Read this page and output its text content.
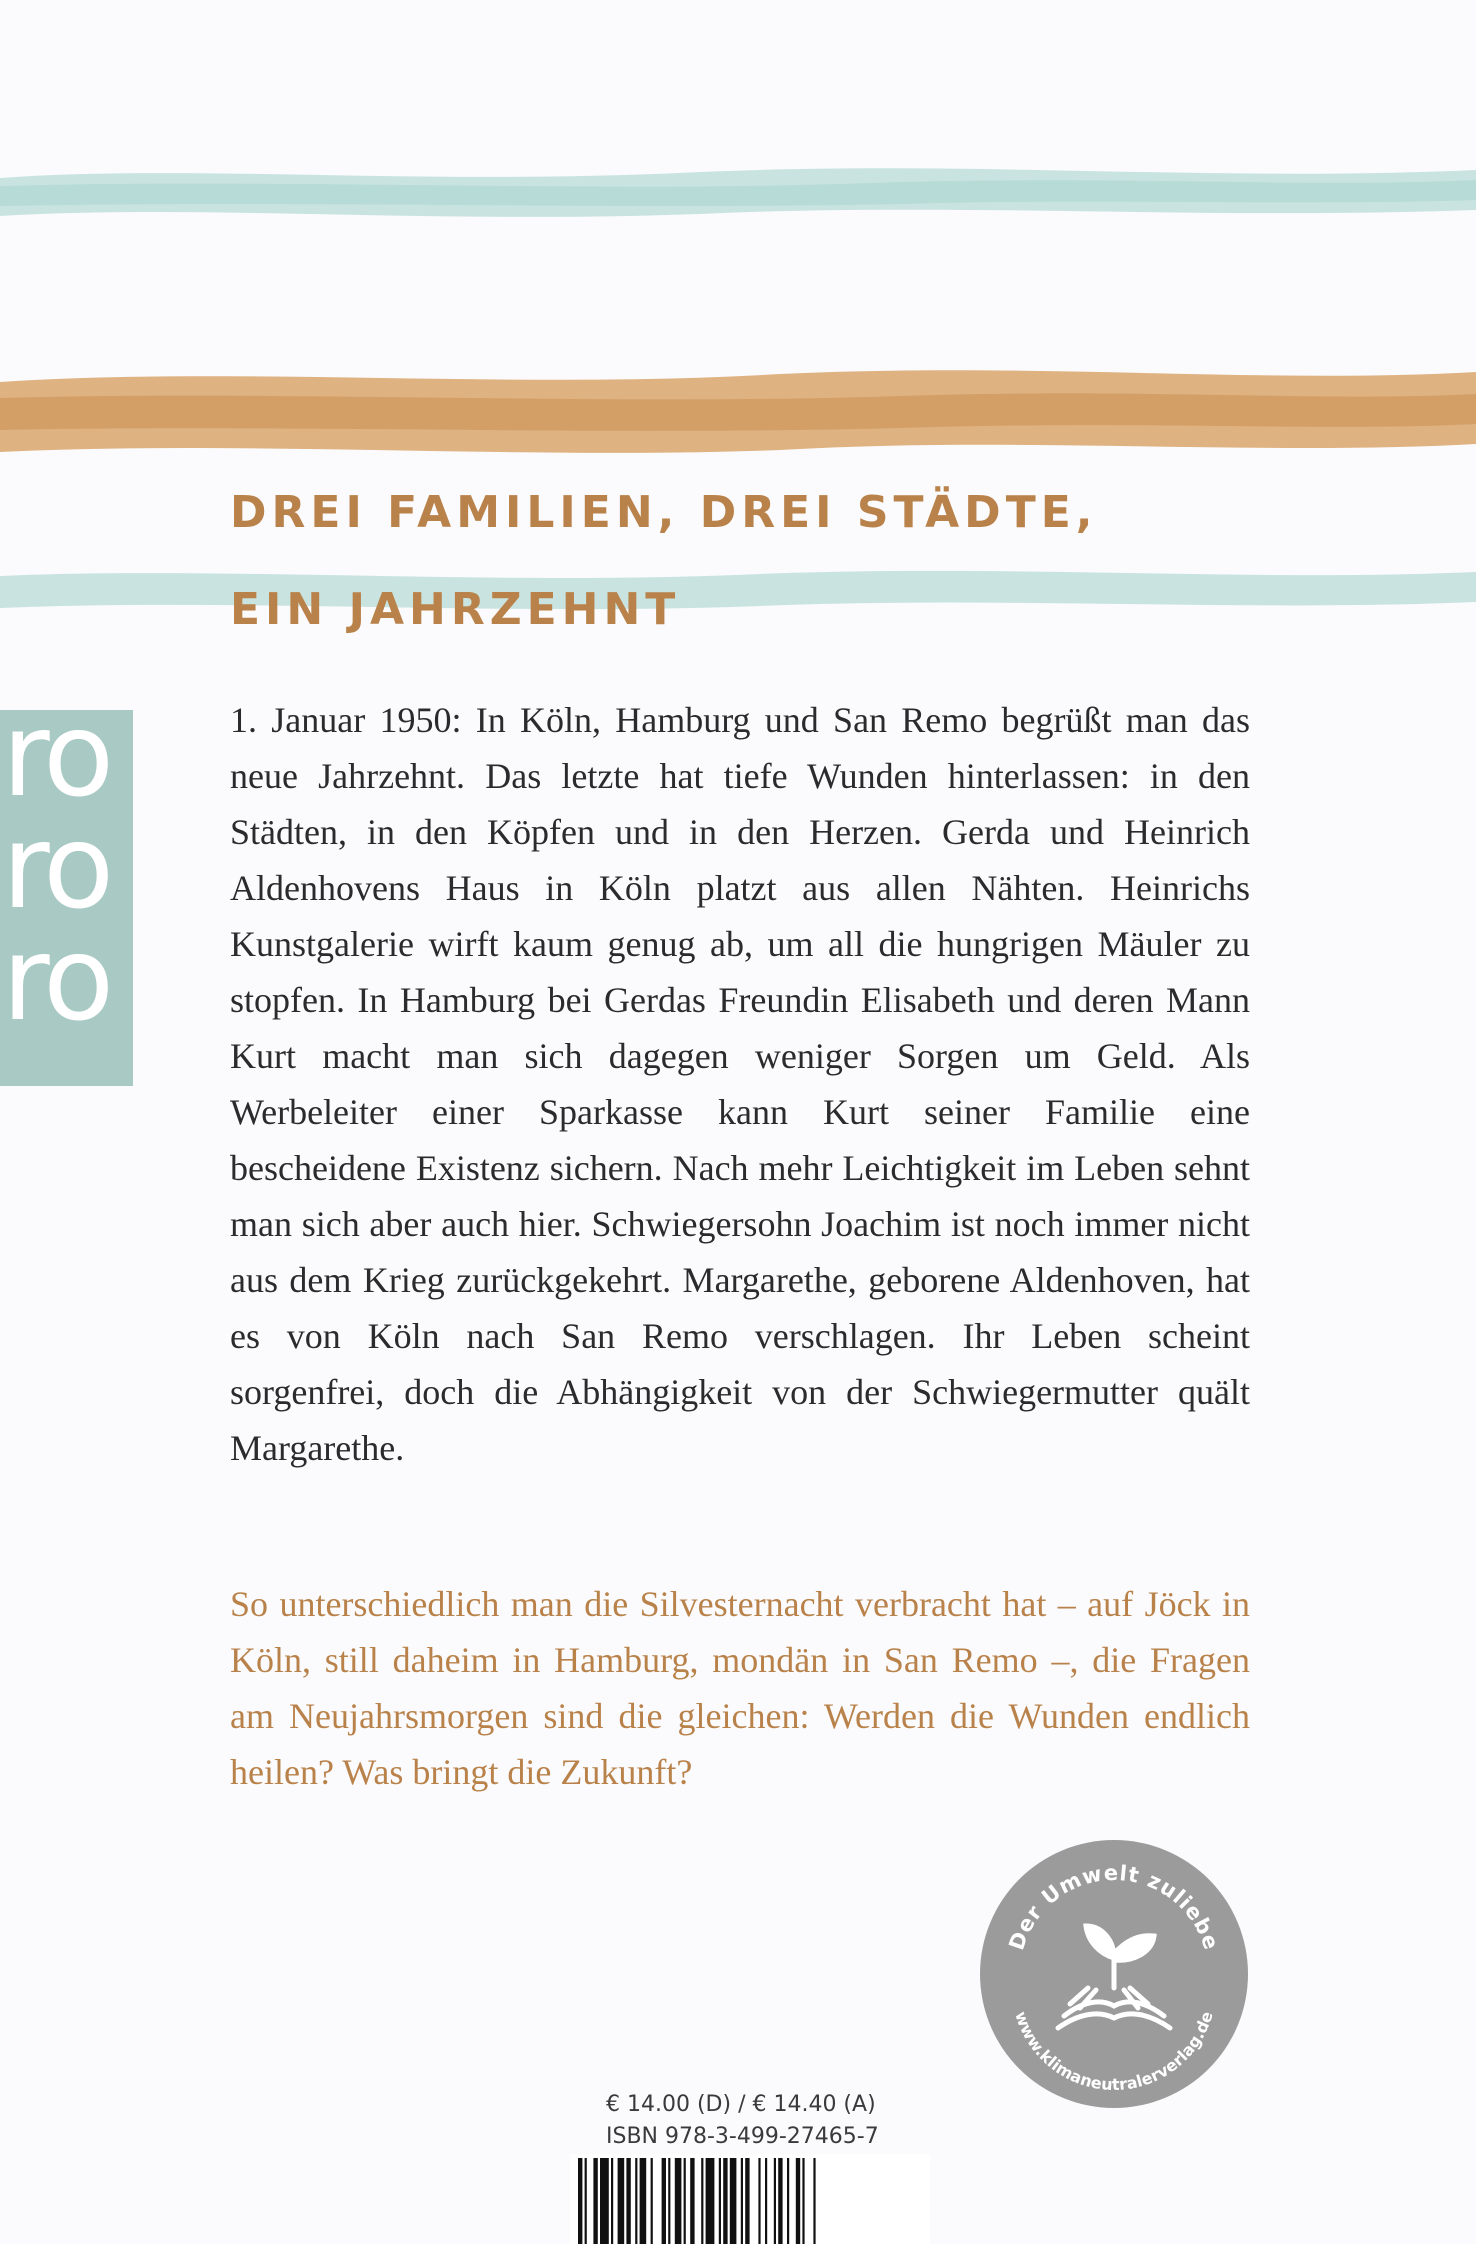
DREI FAMILIEN, DREI STÄDTE,
EIN JAHRZEHNT
ro
ro
ro

1. Januar 1950: In Köln, Hamburg und San Remo begrüßt man das neue Jahrzehnt. Das letzte hat tiefe Wunden hinterlassen: in den Städten, in den Köpfen und in den Herzen. Gerda und Heinrich Aldenhovens Haus in Köln platzt aus allen Nähten. Heinrichs Kunstgalerie wirft kaum genug ab, um all die hungrigen Mäuler zu stopfen. In Hamburg bei Gerdas Freundin Elisabeth und deren Mann Kurt macht man sich dagegen weniger Sorgen um Geld. Als Werbeleiter einer Sparkasse kann Kurt seiner Familie eine bescheidene Existenz sichern. Nach mehr Leichtigkeit im Leben sehnt man sich aber auch hier. Schwiegersohn Joachim ist noch immer nicht aus dem Krieg zurückgekehrt. Margarethe, geborene Aldenhoven, hat es von Köln nach San Remo verschlagen. Ihr Leben scheint sorgenfrei, doch die Abhängigkeit von der Schwiegermutter quält Margarethe.

So unterschiedlich man die Silvesternacht verbracht hat – auf Jöck in Köln, still daheim in Hamburg, mondän in San Remo –, die Fragen am Neujahrsmorgen sind die gleichen: Werden die Wunden endlich heilen? Was bringt die Zukunft?

Der Umwelt zuliebe
www.klimaneutralerverlag.de
€ 14.00 (D) / € 14.40 (A)
ISBN 978-3-499-27465-7
